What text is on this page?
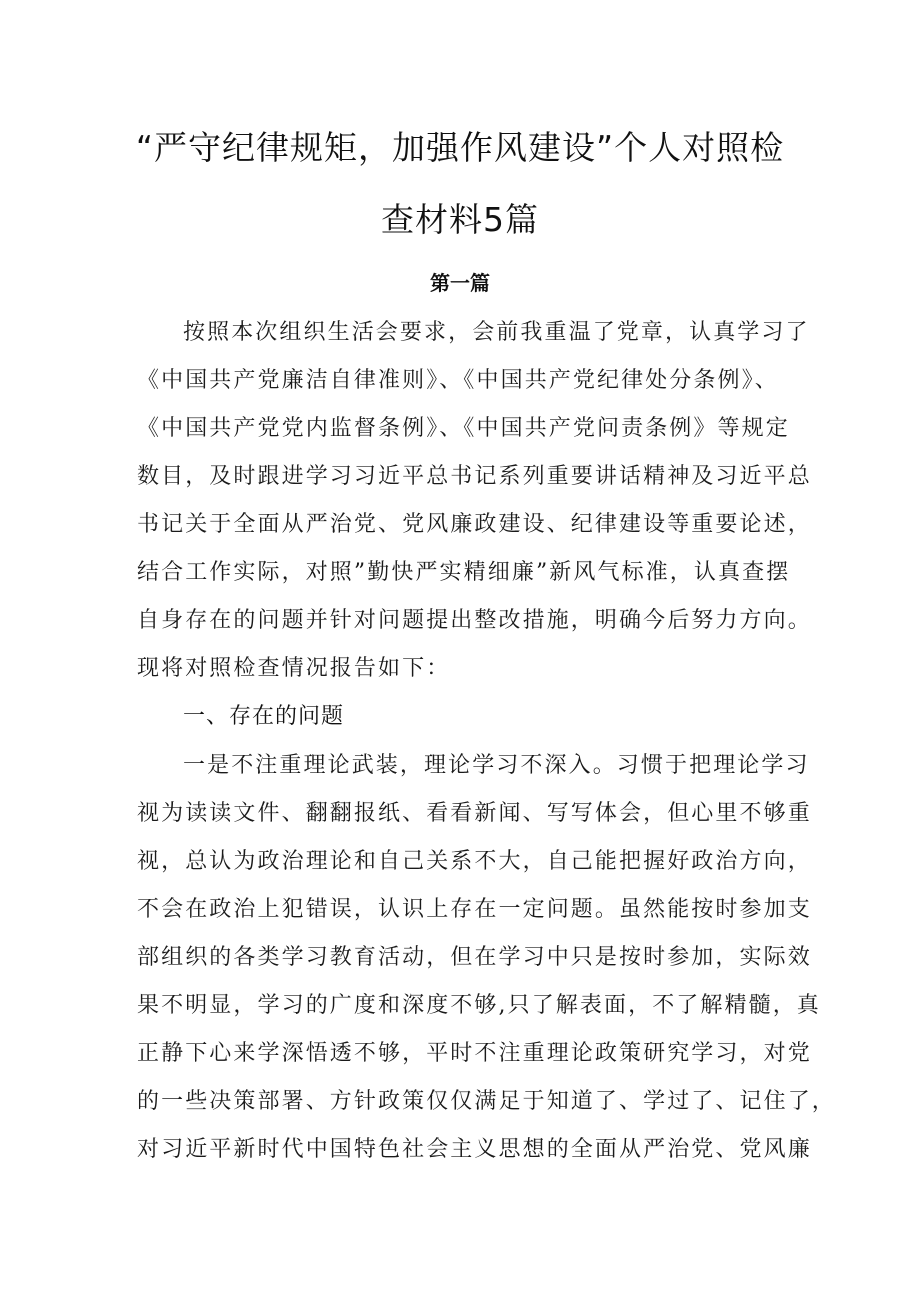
“严守纪律规矩，加强作风建设”个人对照检
查材料5篇
第一篇
按照本次组织生活会要求，会前我重温了党章，认真学习了
《中国共产党廉洁自律准则》、《中国共产党纪律处分条例》、
《中国共产党党内监督条例》、《中国共产党问责条例》等规定
数目，及时跟进学习习近平总书记系列重要讲话精神及习近平总
书记关于全面从严治党、党风廉政建设、纪律建设等重要论述，
结合工作实际，对照”勤快严实精细廉”新风气标准，认真查摆
自身存在的问题并针对问题提出整改措施，明确今后努力方向。
现将对照检查情况报告如下：
一、存在的问题
一是不注重理论武装，理论学习不深入。习惯于把理论学习
视为读读文件、翻翻报纸、看看新闻、写写体会，但心里不够重
视，总认为政治理论和自己关系不大，自己能把握好政治方向，
不会在政治上犯错误，认识上存在一定问题。虽然能按时参加支
部组织的各类学习教育活动，但在学习中只是按时参加，实际效
果不明显，学习的广度和深度不够,只了解表面，不了解精髓，真
正静下心来学深悟透不够，平时不注重理论政策研究学习，对党
的一些决策部署、方针政策仅仅满足于知道了、学过了、记住了，
对习近平新时代中国特色社会主义思想的全面从严治党、党风廉
